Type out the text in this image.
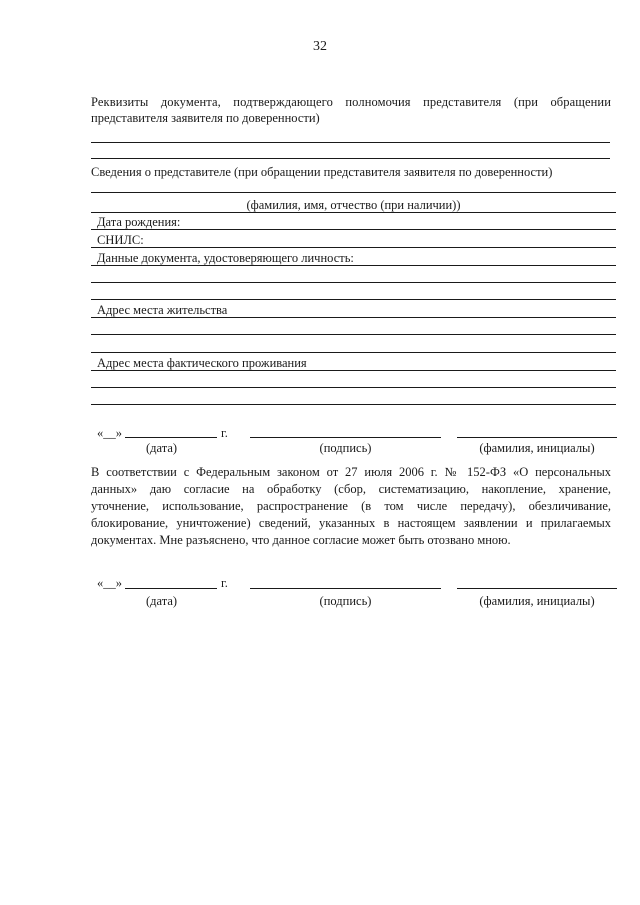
32
Реквизиты документа, подтверждающего полномочия представителя (при обращении
представителя заявителя по доверенности)
Сведения о представителе (при обращении представителя заявителя по доверенности)
(фамилия, имя, отчество (при наличии))
Дата рождения:
СНИЛС:
Данные документа, удостоверяющего личность:
Адрес места жительства
Адрес места фактического проживания
«__»	г.
(дата)	(подпись)	(фамилия, инициалы)
В соответствии с Федеральным законом от 27 июля 2006 г. № 152-ФЗ «О персональных
данных» даю согласие на обработку (сбор, систематизацию, накопление, хранение,
уточнение, использование, распространение (в том числе передачу), обезличивание,
блокирование, уничтожение) сведений, указанных в настоящем заявлении и прилагаемых
документах. Мне разъяснено, что данное согласие может быть отозвано мною.
«__»	г.
(дата)	(подпись)	(фамилия, инициалы)
